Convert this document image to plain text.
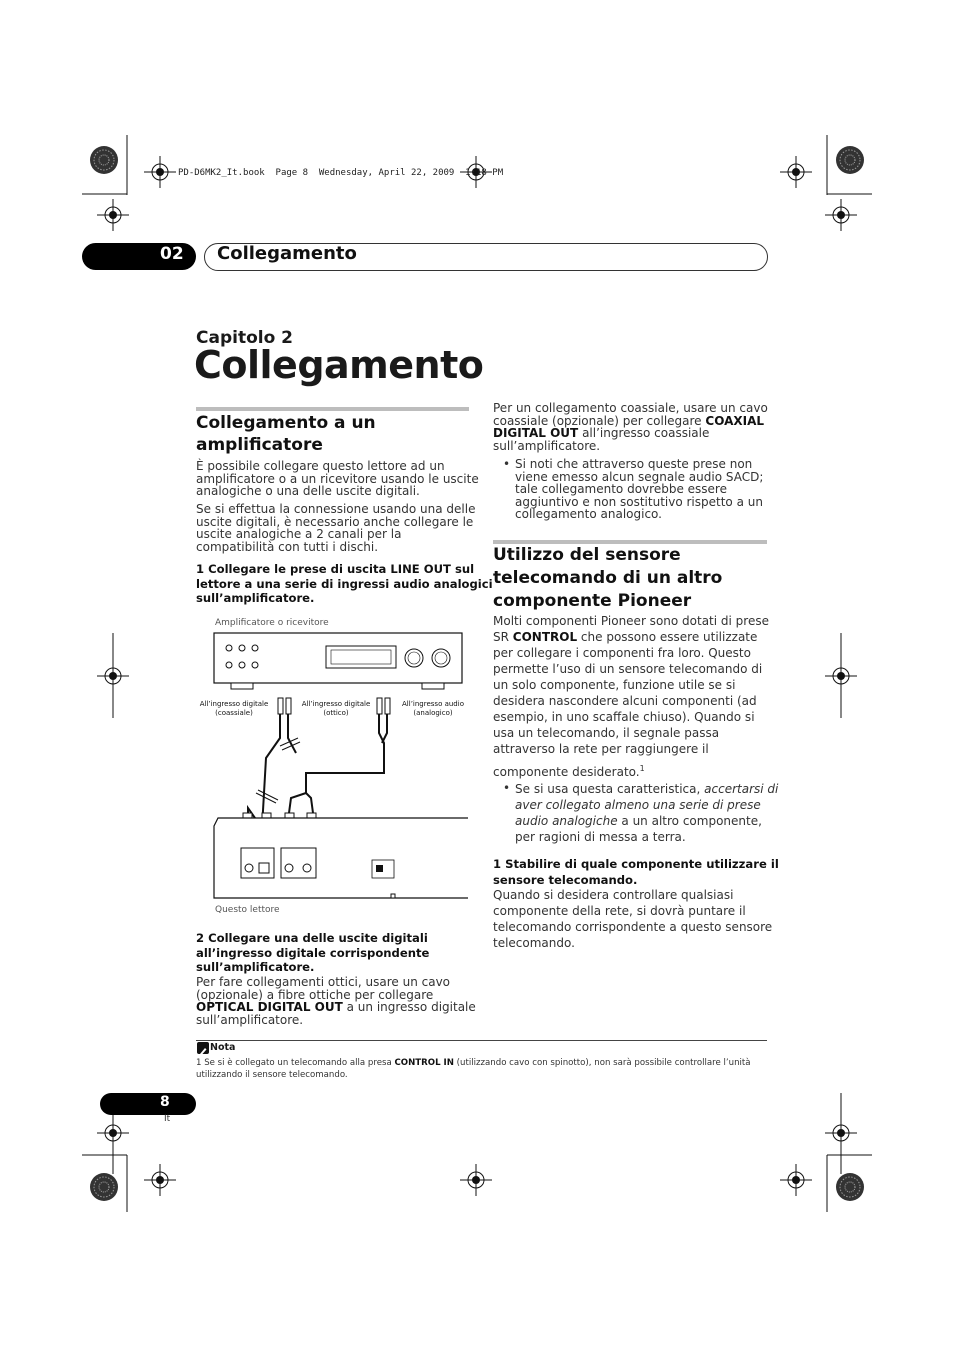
PD-D6MK2_It.book  Page 8  Wednesday, April 22, 2009  1:18 PM
02	Collegamento
Capitolo 2
Collegamento
Collegamento a un
amplificatore
È possibile collegare questo lettore ad un
amplificatore o a un ricevitore usando le uscite
analogiche o una delle uscite digitali.
Se si effettua la connessione usando una delle
uscite digitali, è necessario anche collegare le
uscite analogiche a 2 canali per la
compatibilità con tutti i dischi.
1 Collegare le prese di uscita LINE OUT sul
lettore a una serie di ingressi audio analogici
sull’amplificatore.
Amplificatore o ricevitore
All’ingresso digitale
(coassiale)
All’ingresso digitale
(ottico)
All’ingresso audio
(analogico)
Questo lettore
2 Collegare una delle uscite digitali
all’ingresso digitale corrispondente
sull’amplificatore.
Per fare collegamenti ottici, usare un cavo
(opzionale) a fibre ottiche per collegare
OPTICAL DIGITAL OUT a un ingresso digitale
sull’amplificatore.
Per un collegamento coassiale, usare un cavo
coassiale (opzionale) per collegare COAXIAL
DIGITAL OUT all’ingresso coassiale
sull’amplificatore.
• Si noti che attraverso queste prese non
viene emesso alcun segnale audio SACD;
tale collegamento dovrebbe essere
aggiuntivo e non sostitutivo rispetto a un
collegamento analogico.
Utilizzo del sensore
telecomando di un altro
componente Pioneer
Molti componenti Pioneer sono dotati di prese
SR CONTROL che possono essere utilizzate
per collegare i componenti fra loro. Questo
permette l’uso di un sensore telecomando di
un solo componente, funzione utile se si
desidera nascondere alcuni componenti (ad
esempio, in uno scaffale chiuso). Quando si
usa un telecomando, il segnale passa
attraverso la rete per raggiungere il
componente desiderato.$^1$
• Se si usa questa caratteristica, accertarsi di
aver collegato almeno una serie di prese
audio analogiche a un altro componente,
per ragioni di messa a terra.
1 Stabilire di quale componente utilizzare il
sensore telecomando.
Quando si desidera controllare qualsiasi
componente della rete, si dovrà puntare il
telecomando corrispondente a questo sensore
telecomando.
Nota
1 Se si è collegato un telecomando alla presa CONTROL IN (utilizzando cavo con spinotto), non sarà possibile controllare l’unità
utilizzando il sensore telecomando.
8
It
